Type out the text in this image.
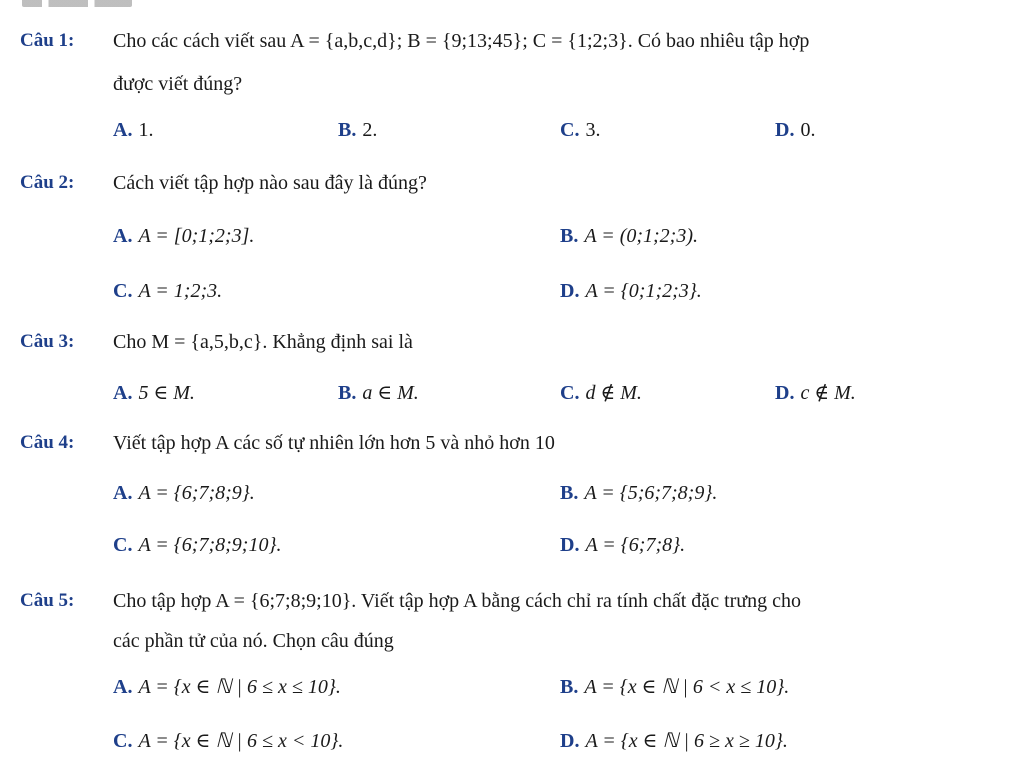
Câu 1: Cho các cách viết sau A = {a,b,c,d}; B = {9;13;45}; C = {1;2;3}. Có bao nhiêu tập hợp
được viết đúng?
A. 1.	B. 2.	C. 3.	D. 0.
Câu 2: Cách viết tập hợp nào sau đây là đúng?
A. A = [0;1;2;3].	B. A = (0;1;2;3).
C. A = 1;2;3.	D. A = {0;1;2;3}.
Câu 3: Cho M = {a,5,b,c}. Khẳng định sai là
A. 5 ∈ M.	B. a ∈ M.	C. d ∉ M.	D. c ∉ M.
Câu 4: Viết tập hợp A các số tự nhiên lớn hơn 5 và nhỏ hơn 10
A. A = {6;7;8;9}.	B. A = {5;6;7;8;9}.
C. A = {6;7;8;9;10}.	D. A = {6;7;8}.
Câu 5: Cho tập hợp A = {6;7;8;9;10}. Viết tập hợp A bằng cách chỉ ra tính chất đặc trưng cho
các phần tử của nó. Chọn câu đúng
A. A = {x ∈ ℕ | 6 ≤ x ≤ 10}.	B. A = {x ∈ ℕ | 6 < x ≤ 10}.
C. A = {x ∈ ℕ | 6 ≤ x < 10}.	D. A = {x ∈ ℕ | 6 ≥ x ≥ 10}.
